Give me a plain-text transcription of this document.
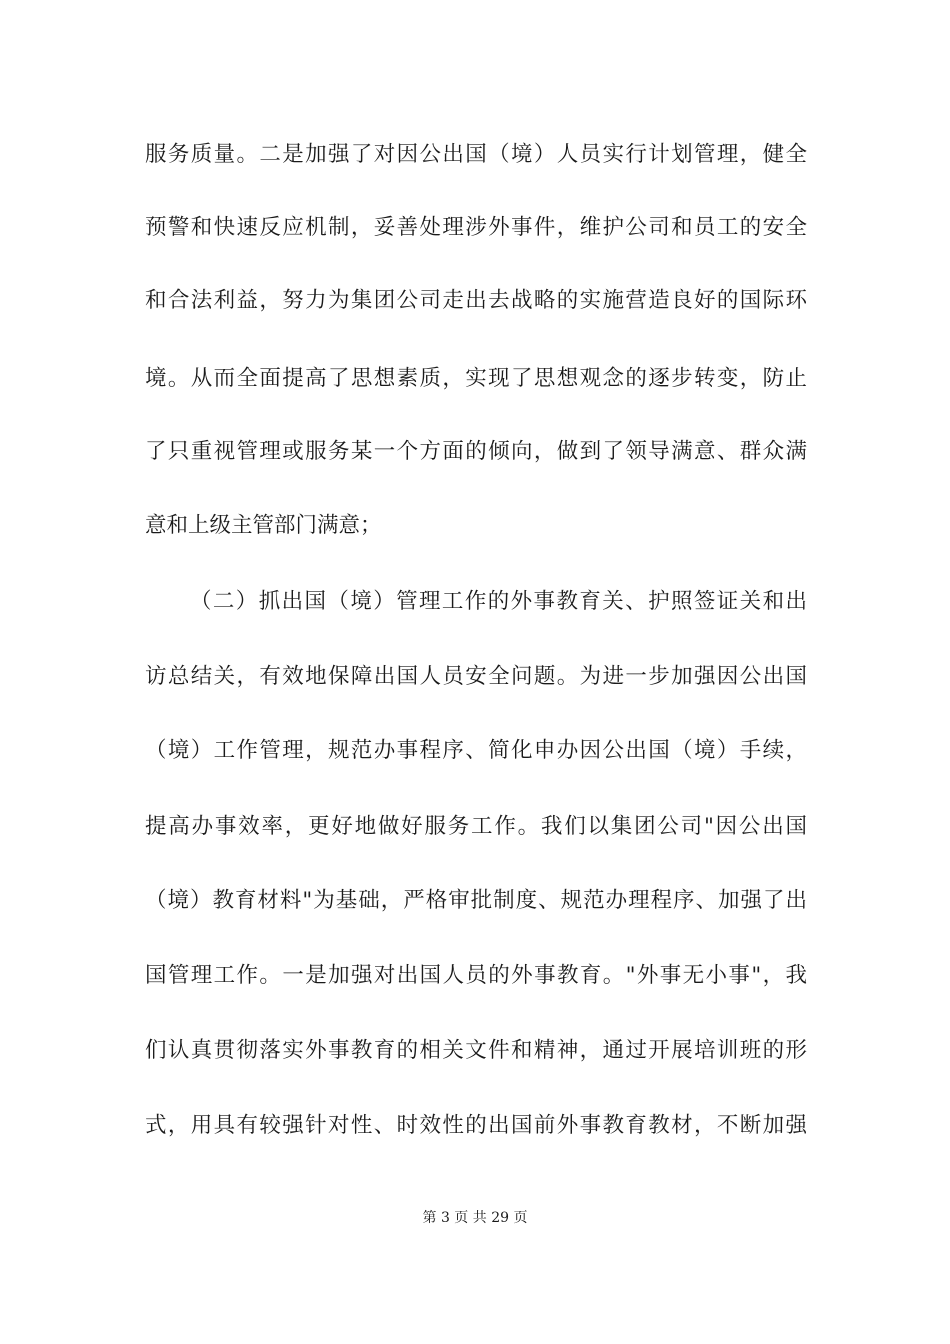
服务质量。二是加强了对因公出国（境）人员实行计划管理，健全
预警和快速反应机制，妥善处理涉外事件，维护公司和员工的安全
和合法利益，努力为集团公司走出去战略的实施营造良好的国际环
境。从而全面提高了思想素质，实现了思想观念的逐步转变，防止
了只重视管理或服务某一个方面的倾向，做到了领导满意、群众满
意和上级主管部门满意；
（二）抓出国（境）管理工作的外事教育关、护照签证关和出
访总结关，有效地保障出国人员安全问题。为进一步加强因公出国
（境）工作管理，规范办事程序、简化申办因公出国（境）手续，
提高办事效率，更好地做好服务工作。我们以集团公司"因公出国
（境）教育材料"为基础，严格审批制度、规范办理程序、加强了出
国管理工作。一是加强对出国人员的外事教育。"外事无小事"，我
们认真贯彻落实外事教育的相关文件和精神，通过开展培训班的形
式，用具有较强针对性、时效性的出国前外事教育教材，不断加强
第 3 页 共 29 页
